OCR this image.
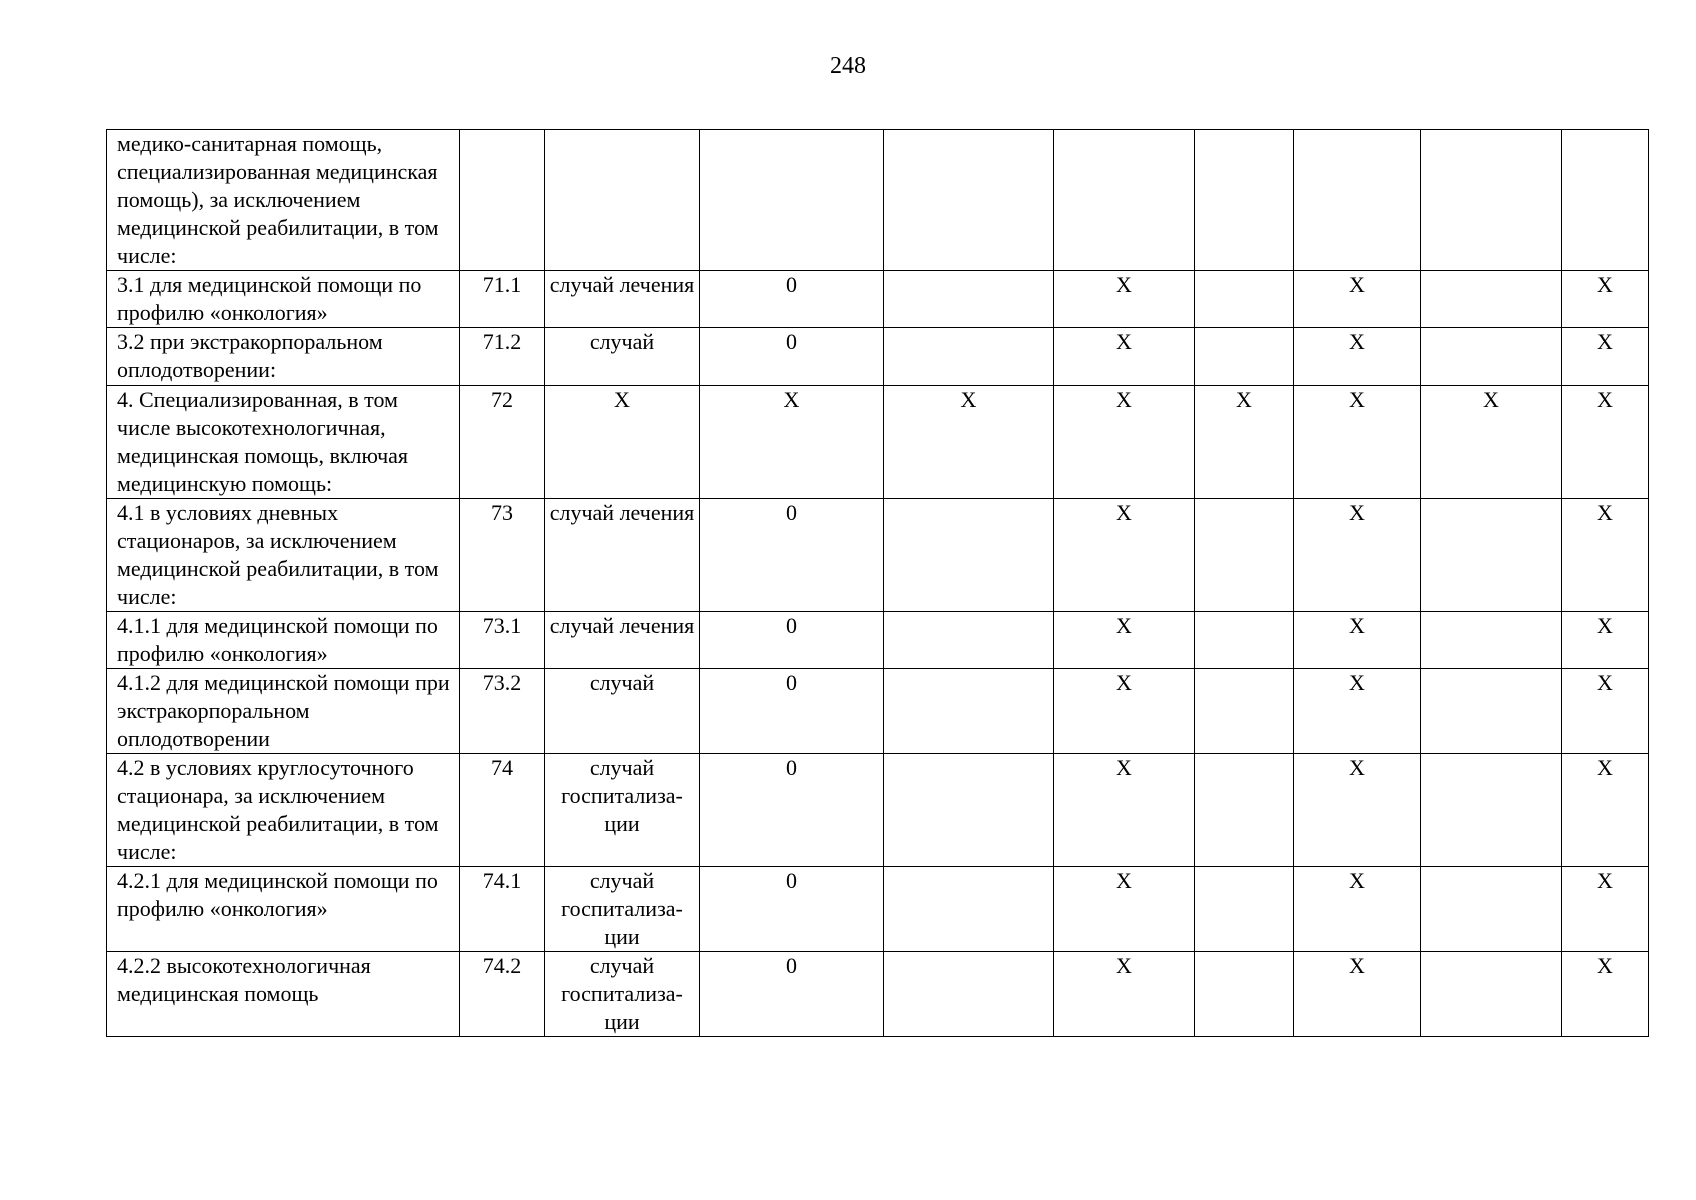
248
медико-санитарная помощь, специализированная медицинская помощь), за исключением медицинской реабилитации, в том числе:									
3.1 для медицинской помощи по профилю «онкология»	71.1	случай лечения	0		X		X		X
3.2 при экстракорпоральном оплодотворении:	71.2	случай	0		X		X		X
4. Специализированная, в том числе высокотехнологичная, медицинская помощь, включая медицинскую помощь:	72	X	X	X	X	X	X	X	X
4.1 в условиях дневных стационаров, за исключением медицинской реабилитации, в том числе:	73	случай лечения	0		X		X		X
4.1.1 для медицинской помощи по профилю «онкология»	73.1	случай лечения	0		X		X		X
4.1.2 для медицинской помощи при экстракорпоральном оплодотворении	73.2	случай	0		X		X		X
4.2 в условиях круглосуточного стационара, за исключением медицинской реабилитации, в том числе:	74	случай госпитализа-ции	0		X		X		X
4.2.1 для медицинской помощи по профилю «онкология»	74.1	случай госпитализа-ции	0		X		X		X
4.2.2 высокотехнологичная медицинская помощь	74.2	случай госпитализа-ции	0		X		X		X
